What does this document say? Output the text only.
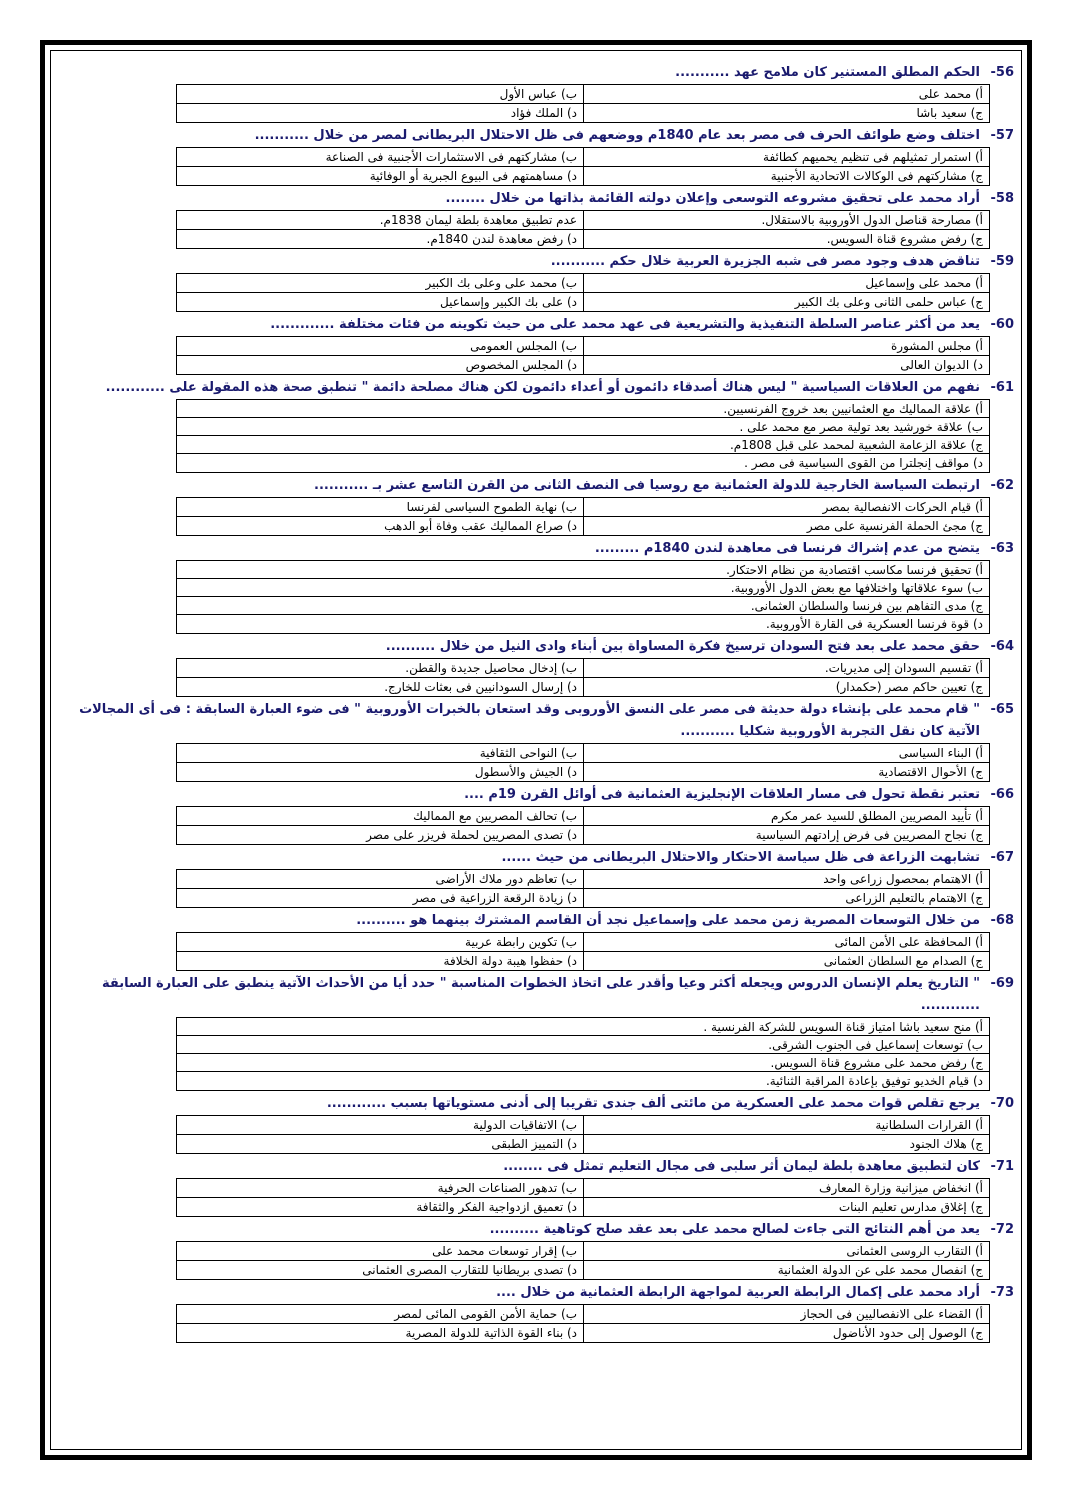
56-
الحكم المطلق المستنير كان ملامح عهد ...........
أ) محمد على
ب) عباس الأول
ج) سعيد باشا
د) الملك فؤاد
57-
اختلف وضع طوائف الحرف فى مصر بعد عام 1840م ووضعهم فى ظل الاحتلال البريطانى لمصر من خلال ...........
أ) استمرار تمثيلهم فى تنظيم يحميهم كطائفة
ب) مشاركتهم فى الاستثمارات الأجنبية فى الصناعة
ج) مشاركتهم فى الوكالات الاتحادية الأجنبية
د) مساهمتهم فى البيوع الجبرية أو الوفائية
58-
أراد محمد على تحقيق مشروعه التوسعى وإعلان دولته القائمة بذاتها من خلال ........
أ) مصارحة قناصل الدول الأوروبية بالاستقلال.
عدم تطبيق معاهدة بلطة ليمان 1838م.
ج) رفض مشروع قناة السويس.
د) رفض معاهدة لندن 1840م.
59-
تناقض هدف وجود مصر فى شبه الجزيرة العربية خلال حكم ...........
أ) محمد على وإسماعيل
ب) محمد على وعلى بك الكبير
ج) عباس حلمى الثانى وعلى بك الكبير
د) على بك الكبير وإسماعيل
60-
يعد من أكثر عناصر السلطة التنفيذية والتشريعية فى عهد محمد على من حيث تكوينه من فئات مختلفة .............
أ) مجلس المشورة
ب) المجلس العمومى
د) الديوان العالى
د) المجلس المخصوص
61-
نفهم من العلاقات السياسية " ليس هناك أصدقاء دائمون أو أعداء دائمون لكن هناك مصلحة دائمة " تنطبق صحة هذه المقولة على ............
أ) علاقة المماليك مع العثمانيين بعد خروج الفرنسيين.
ب) علاقة خورشيد بعد تولية مصر مع محمد على .
ج) علاقة الزعامة الشعبية لمحمد على قبل 1808م.
د) مواقف إنجلترا من القوى السياسية فى مصر .
62-
ارتبطت السياسة الخارجية للدولة العثمانية مع روسيا فى النصف الثانى من القرن التاسع عشر بـ ...........
أ) قيام الحركات الانفصالية بمصر
ب) نهاية الطموح السياسى لفرنسا
ج) مجئ الحملة الفرنسية على مصر
د) صراع المماليك عقب وفاة أبو الدهب
63-
يتضح من عدم إشراك فرنسا فى معاهدة لندن 1840م .........
أ) تحقيق فرنسا مكاسب اقتصادية من نظام الاحتكار.
ب) سوء علاقاتها واختلافها مع بعض الدول الأوروبية.
ج) مدى التفاهم بين فرنسا والسلطان العثمانى.
د) قوة فرنسا العسكرية فى القارة الأوروبية.
64-
حقق محمد على بعد فتح السودان ترسيخ فكرة المساواة بين أبناء وادى النيل من خلال ..........
أ) تقسيم السودان إلى مديريات.
ب) إدخال محاصيل جديدة والقطن.
ج) تعيين حاكم مصر (حكمدار)
د) إرسال السودانيين فى بعثات للخارج.
65-
" قام محمد على بإنشاء دولة حديثة فى مصر على النسق الأوروبى وقد استعان بالخبرات الأوروبية " فى ضوء العبارة السابقة : فى أى المجالات الآتية كان نقل التجربة الأوروبية شكليا ...........
أ) البناء السياسى
ب) النواحى الثقافية
ج) الأحوال الاقتصادية
د) الجيش والأسطول
66-
تعتبر نقطة تحول فى مسار العلاقات الإنجليزية العثمانية فى أوائل القرن 19م ....
أ) تأييد المصريين المطلق للسيد عمر مكرم
ب) تحالف المصريين مع المماليك
ج) نجاح المصريين فى فرض إرادتهم السياسية
د) تصدى المصريين لحملة فريزر على مصر
67-
تشابهت الزراعة فى ظل سياسة الاحتكار والاحتلال البريطانى من حيث ......
أ) الاهتمام بمحصول زراعى واحد
ب) تعاظم دور ملاك الأراضى
ج) الاهتمام بالتعليم الزراعى
د) زيادة الرقعة الزراعية فى مصر
68-
من خلال التوسعات المصرية زمن محمد على وإسماعيل نجد أن القاسم المشترك بينهما هو ..........
أ) المحافظة على الأمن المائى
ب) تكوين رابطة عربية
ج) الصدام مع السلطان العثمانى
د) حفظوا هيبة دولة الخلافة
69-
" التاريخ يعلم الإنسان الدروس ويجعله أكثر وعيا وأقدر على اتخاذ الخطوات المناسبة " حدد أيا من الأحداث الآتية ينطبق على العبارة السابقة ............
أ) منح سعيد باشا امتياز قناة السويس للشركة الفرنسية .
ب) توسعات إسماعيل فى الجنوب الشرقى.
ج) رفض محمد على مشروع قناة السويس.
د) قيام الخديو توفيق بإعادة المراقبة الثنائية.
70-
يرجع تقلص قوات محمد على العسكرية من مائتى ألف جندى تقريبا إلى أدنى مستوياتها بسبب ............
أ) القرارات السلطانية
ب) الاتفاقيات الدولية
ج) هلاك الجنود
د) التمييز الطبقى
71-
كان لتطبيق معاهدة بلطة ليمان أثر سلبى فى مجال التعليم تمثل فى ........
أ) انخفاض ميزانية وزارة المعارف
ب) تدهور الصناعات الحرفية
ج) إغلاق مدارس تعليم البنات
د) تعميق ازدواجية الفكر والثقافة
72-
يعد من أهم النتائج التى جاءت لصالح محمد على بعد عقد صلح كوتاهية ..........
أ) التقارب الروسى العثمانى
ب) إقرار توسعات محمد على
ج) انفصال محمد على عن الدولة العثمانية
د) تصدى بريطانيا للتقارب المصرى العثمانى
73-
أراد محمد على إكمال الرابطة العربية لمواجهة الرابطة العثمانية من خلال ....
أ) القضاء على الانفصاليين فى الحجاز
ب) حماية الأمن القومى المائى لمصر
ج) الوصول إلى حدود الأناضول
د) بناء القوة الذاتية للدولة المصرية
